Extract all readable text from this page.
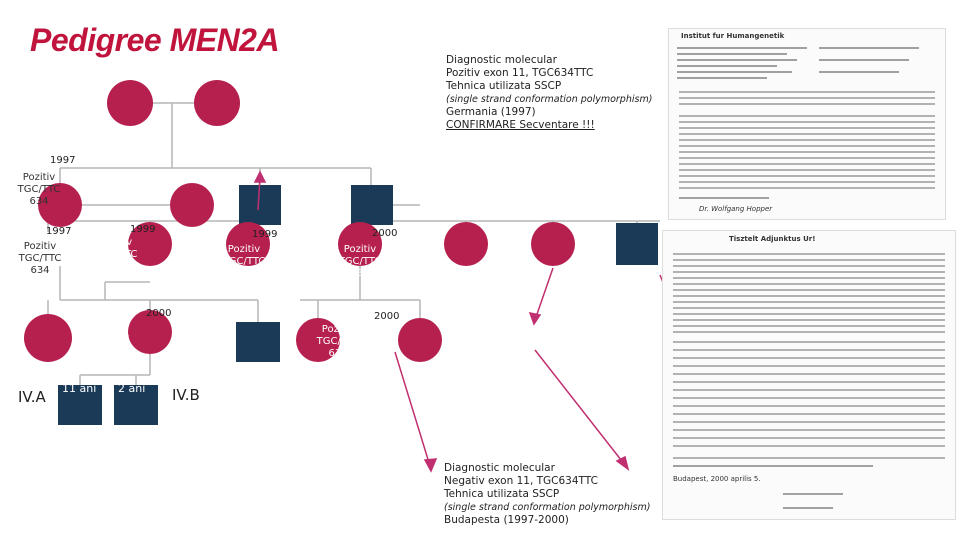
Pedigree MEN2A
1997
Pozitiv
TGC/TTC
634
1997
Pozitiv
TGC/TTC
634
1999
Pozitiv
TGC/TTC
634
1999
Pozitiv
TGC/TTC
634
2000
Pozitiv
TGC/TTC
634
2000
Negativ
TGC/TTC
634
2000
Pozitiv
TGC/TTC
634
IV.A	IV.B
11 ani 2 ani
Diagnostic molecular
Pozitiv exon 11, TGC634TTC
Tehnica utilizata SSCP
(single strand conformation polymorphism)
Germania (1997)
CONFIRMARE Secventare !!!
Diagnostic molecular
Negativ exon 11, TGC634TTC
Tehnica utilizata SSCP
(single strand conformation polymorphism)
Budapesta (1997-2000)
Institut fur Humangenetik
Dr. Wolfgang Hopper
Tisztelt Adjunktus Ur!
Budapest, 2000 aprilis 5.
